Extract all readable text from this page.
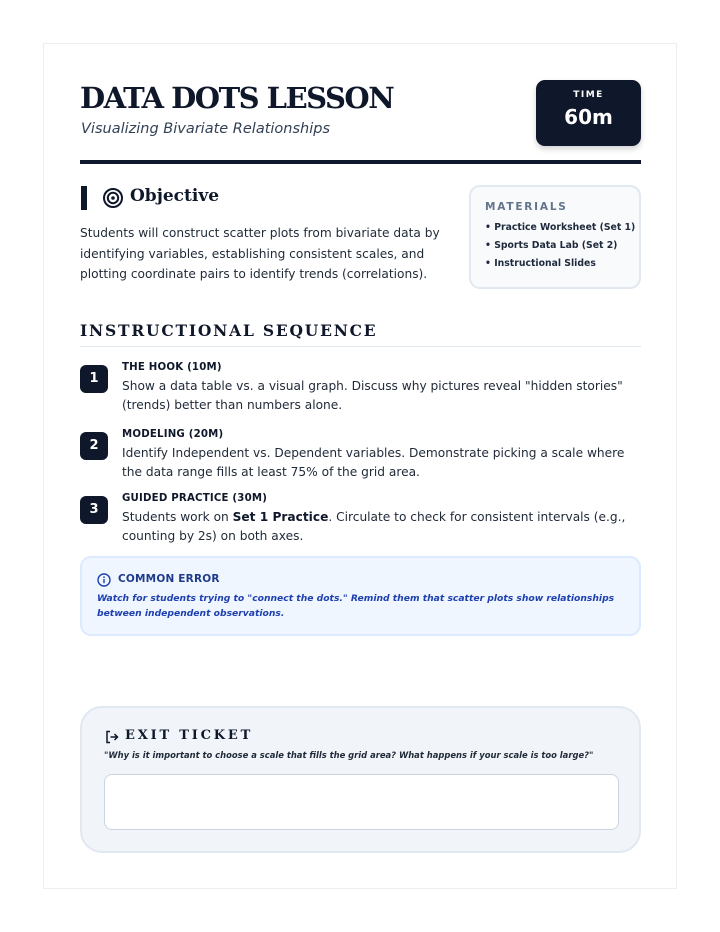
DATA DOTS LESSON
Visualizing Bivariate Relationships
TIME
60m
Objective

Students will construct scatter plots from bivariate data by identifying variables, establishing consistent scales, and plotting coordinate pairs to identify trends (correlations).

MATERIALS
• Practice Worksheet (Set 1)
• Sports Data Lab (Set 2)
• Instructional Slides
INSTRUCTIONAL SEQUENCE
1
THE HOOK (10M)

Show a data table vs. a visual graph. Discuss why pictures reveal "hidden stories" (trends) better than numbers alone.

2
MODELING (20M)

Identify Independent vs. Dependent variables. Demonstrate picking a scale where the data range fills at least 75% of the grid area.

3
GUIDED PRACTICE (30M)

Students work on Set 1 Practice. Circulate to check for consistent intervals (e.g., counting by 2s) on both axes.

COMMON ERROR

Watch for students trying to "connect the dots." Remind them that scatter plots show relationships between independent observations.

EXIT TICKET
"Why is it important to choose a scale that fills the grid area? What happens if your scale is too large?"
